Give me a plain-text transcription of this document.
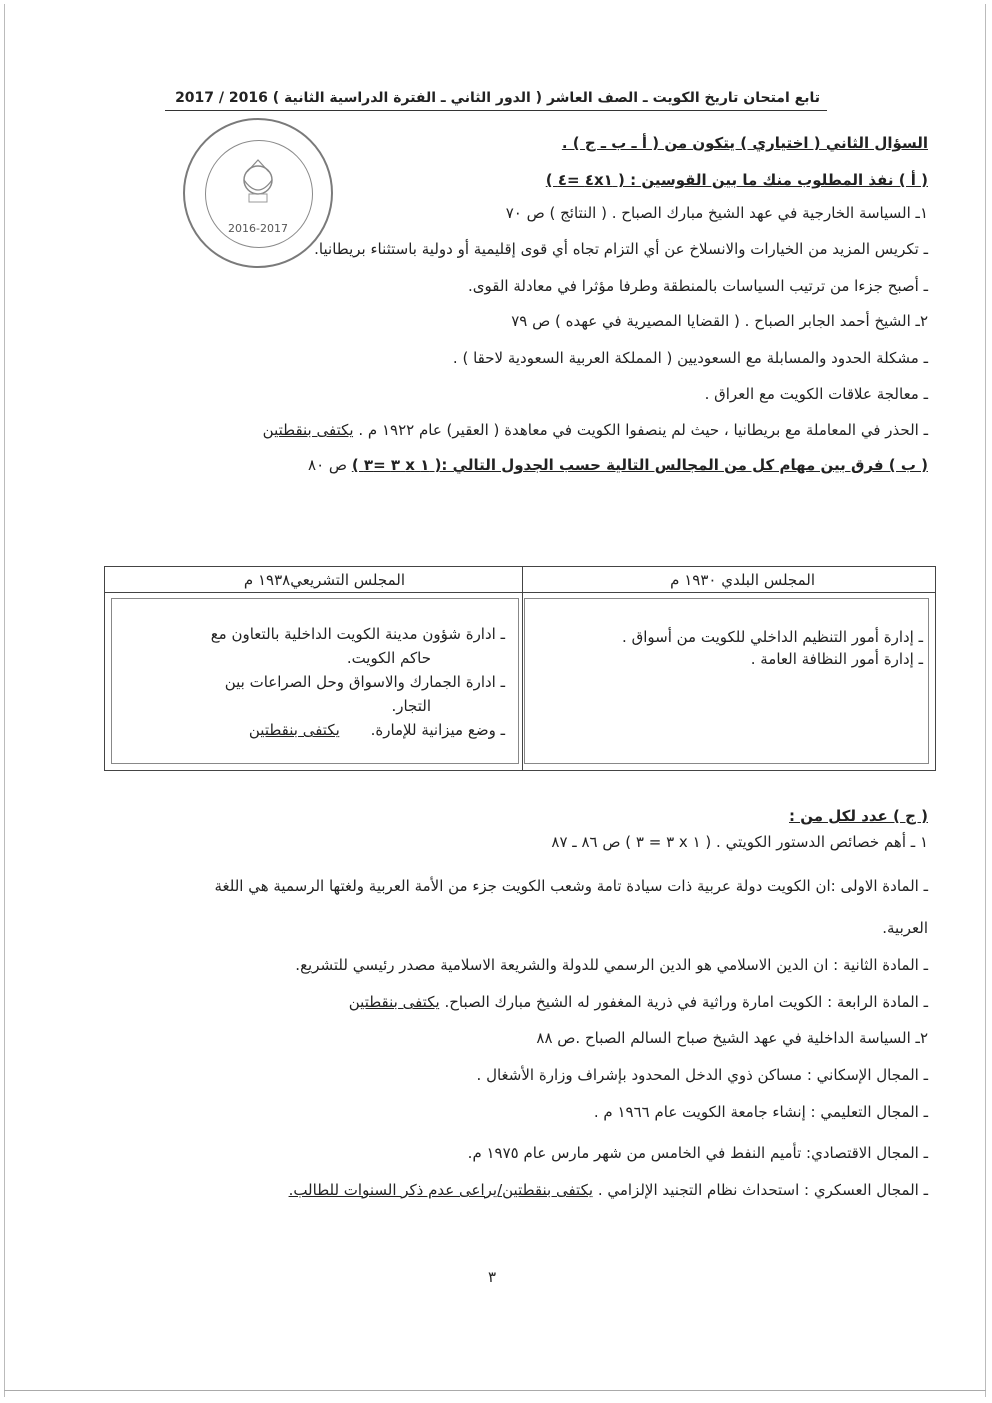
تابع امتحان تاريخ الكويت ـ الصف العاشر ( الدور الثاني ـ الفترة الدراسية الثانية ) 2016 / 2017
2016-2017
السؤال الثاني ( اختياري ) يتكون من ( أ ـ ب ـ ج ) .
( أ ) نفذ المطلوب منك ما بين القوسين : ( ٤x١ =٤ )
١ـ السياسة الخارجية في عهد الشيخ مبارك الصباح . ( النتائج ) ص ٧٠
ـ تكريس المزيد من الخيارات والانسلاخ عن أي التزام تجاه أي قوى إقليمية أو دولية باستثناء بريطانيا.
ـ أصبح جزءا من ترتيب السياسات بالمنطقة وطرفا مؤثرا في معادلة القوى.
٢ـ الشيخ أحمد الجابر الصباح . ( القضايا المصيرية في عهده ) ص ٧٩
ـ مشكلة الحدود والمسابلة مع السعوديين ( المملكة العربية السعودية لاحقا ) .
ـ معالجة علاقات الكويت مع العراق .
ـ الحذر في المعاملة مع بريطانيا ، حيث لم ينصفوا الكويت في معاهدة ( العقير) عام ١٩٢٢ م . يكتفى بنقطتين
( ب ) فرق بين مهام كل من المجالس التالية حسب الجدول التالي :( ١ x ٣ =٣ ) ص ٨٠
المجلس البلدي ١٩٣٠ م
المجلس التشريعي١٩٣٨ م
ـ إدارة أمور التنظيم الداخلي للكويت من أسواق .
ـ إدارة أمور النظافة العامة .
ـ ادارة شؤون مدينة الكويت الداخلية بالتعاون مع
حاكم الكويت.
ـ ادارة الجمارك والاسواق وحل الصراعات بين
التجار.
ـ وضع ميزانية للإمارة. يكتفى بنقطتين
( ج ) عدد لكل من :
١ ـ أهم خصائص الدستور الكويتي . ( ١ x ٣ = ٣ ) ص ٨٦ ـ ٨٧
ـ المادة الاولى :ان الكويت دولة عربية ذات سيادة تامة وشعب الكويت جزء من الأمة العربية ولغتها الرسمية هي اللغة
العربية.
ـ المادة الثانية : ان الدين الاسلامي هو الدين الرسمي للدولة والشريعة الاسلامية مصدر رئيسي للتشريع.
ـ المادة الرابعة : الكويت امارة وراثية في ذرية المغفور له الشيخ مبارك الصباح. يكتفى بنقطتين
٢ـ السياسة الداخلية في عهد الشيخ صباح السالم الصباح .ص ٨٨
ـ المجال الإسكاني : مساكن ذوي الدخل المحدود بإشراف وزارة الأشغال .
ـ المجال التعليمي : إنشاء جامعة الكويت عام ١٩٦٦ م .
ـ المجال الاقتصادي: تأميم النفط في الخامس من شهر مارس عام ١٩٧٥ م.
ـ المجال العسكري : استحداث نظام التجنيد الإلزامي . يكتفى بنقطتين/يراعى عدم ذكر السنوات للطالب.
٣
